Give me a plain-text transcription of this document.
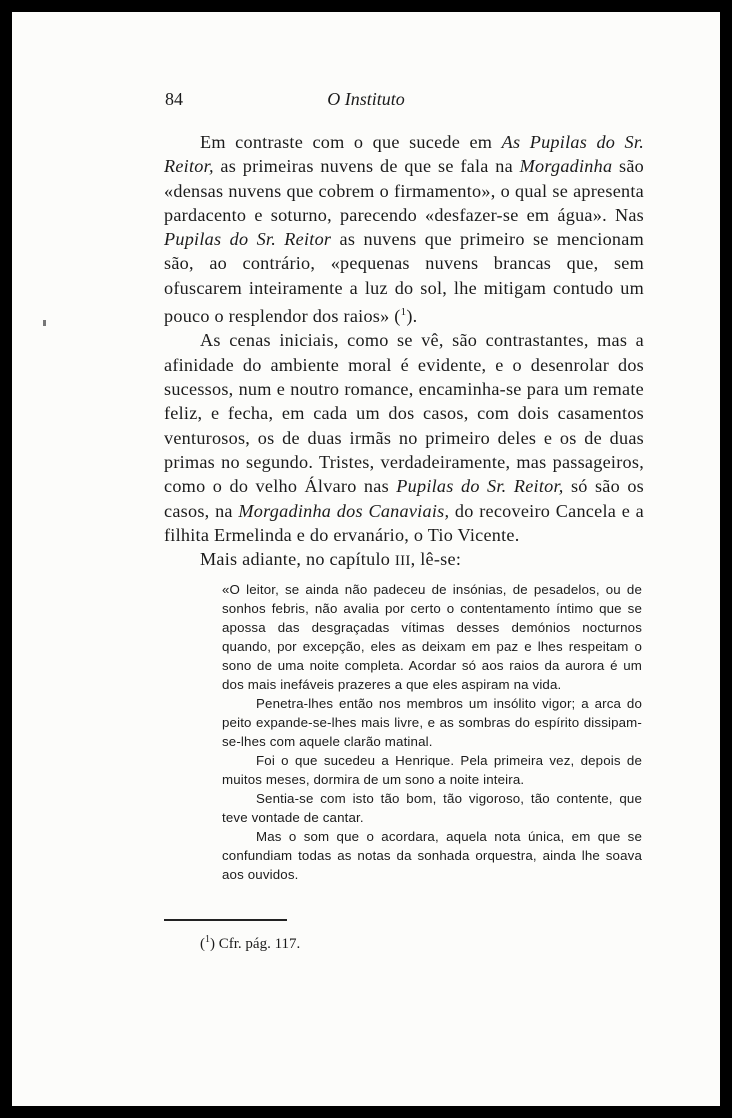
O Instituto
84

Em contraste com o que sucede em As Pupilas do Sr. Reitor, as primeiras nuvens de que se fala na Morgadinha são «densas nuvens que cobrem o firmamento», o qual se apresenta pardacento e soturno, parecendo «desfazer-se em água». Nas Pupilas do Sr. Reitor as nuvens que primeiro se mencionam são, ao contrário, «pequenas nuvens brancas que, sem ofuscarem inteiramente a luz do sol, lhe mitigam contudo um pouco o resplendor dos raios» ($^1$).

As cenas iniciais, como se vê, são contrastantes, mas a afinidade do ambiente moral é evidente, e o desenrolar dos sucessos, num e noutro romance, encaminha-se para um remate feliz, e fecha, em cada um dos casos, com dois casamentos venturosos, os de duas irmãs no primeiro deles e os de duas primas no segundo. Tristes, verdadeiramente, mas passageiros, como o do velho Álvaro nas Pupilas do Sr. Reitor, só são os casos, na Morgadinha dos Canaviais, do recoveiro Cancela e a filhita Ermelinda e do ervanário, o Tio Vicente.

Mais adiante, no capítulo III, lê-se:

«O leitor, se ainda não padeceu de insónias, de pesadelos, ou de sonhos febris, não avalia por certo o contentamento íntimo que se apossa das desgraçadas vítimas desses demónios nocturnos quando, por excepção, eles as deixam em paz e lhes respeitam o sono de uma noite completa. Acordar só aos raios da aurora é um dos mais inefáveis prazeres a que eles aspiram na vida.

Penetra-lhes então nos membros um insólito vigor; a arca do peito expande-se-lhes mais livre, e as sombras do espírito dissipam-se-lhes com aquele clarão matinal.

Foi o que sucedeu a Henrique. Pela primeira vez, depois de muitos meses, dormira de um sono a noite inteira.

Sentia-se com isto tão bom, tão vigoroso, tão contente, que teve vontade de cantar.

Mas o som que o acordara, aquela nota única, em que se confundiam todas as notas da sonhada orquestra, ainda lhe soava aos ouvidos.

($^1$) Cfr. pág. 117.
